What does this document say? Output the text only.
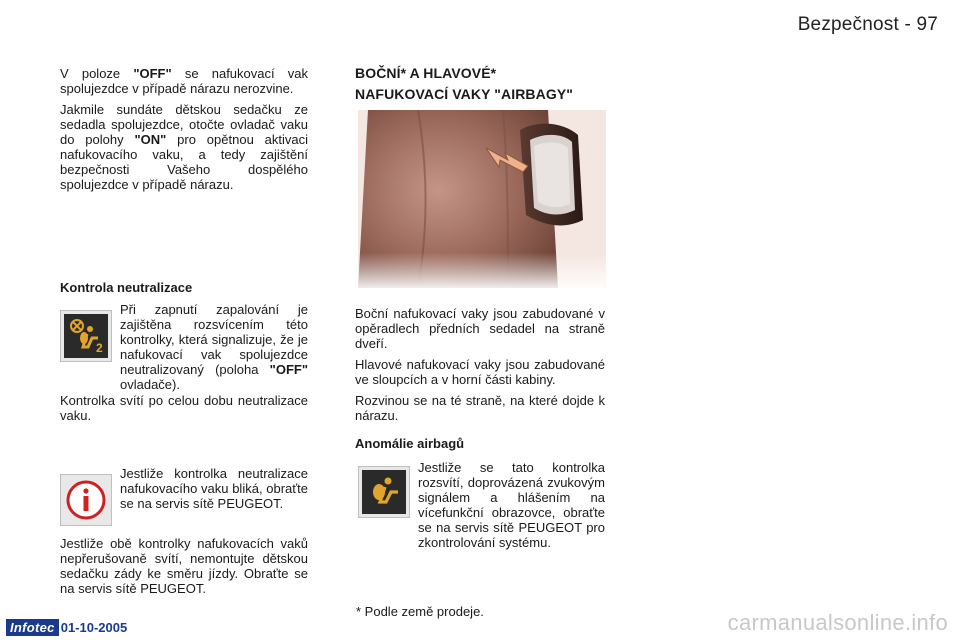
Bezpečnost - 97

V poloze "OFF" se nafukovací vak spolujezdce v případě nárazu nerozvine.

Jakmile sundáte dětskou sedačku ze sedadla spolujezdce, otočte ovladač vaku do polohy "ON" pro opětnou aktivaci nafukovacího vaku, a tedy zajištění bezpečnosti Vašeho dospělého spolujezdce v případě nárazu.

Kontrola neutralizace

2

Při zapnutí zapalování je zajištěna rozsvícením této kontrolky, která signalizuje, že je nafukovací vak spolujezdce neutralizovaný (poloha "OFF" ovladače).

Kontrolka svítí po celou dobu neutralizace vaku.

Jestliže kontrolka neutralizace nafukovacího vaku bliká, obraťte se na servis sítě PEUGEOT.

Jestliže obě kontrolky nafukovacích vaků nepřerušovaně svítí, nemontujte dětskou sedačku zády ke směru jízdy. Obraťte se na servis sítě PEUGEOT.

BOČNÍ* A HLAVOVÉ*

NAFUKOVACÍ VAKY "AIRBAGY"

Boční nafukovací vaky jsou zabudované v opěradlech předních sedadel na straně dveří.

Hlavové nafukovací vaky jsou zabudované ve sloupcích a v horní části kabiny.

Rozvinou se na té straně, na které dojde k nárazu.

Anomálie airbagů

Jestliže se tato kontrolka rozsvítí, doprovázená zvukovým signálem a hlášením na vícefunkční obrazovce, obraťte se na servis sítě PEUGEOT pro zkontrolování systému.

* Podle země prodeje.
Infotec 01-10-2005	carmanualsonline.info
